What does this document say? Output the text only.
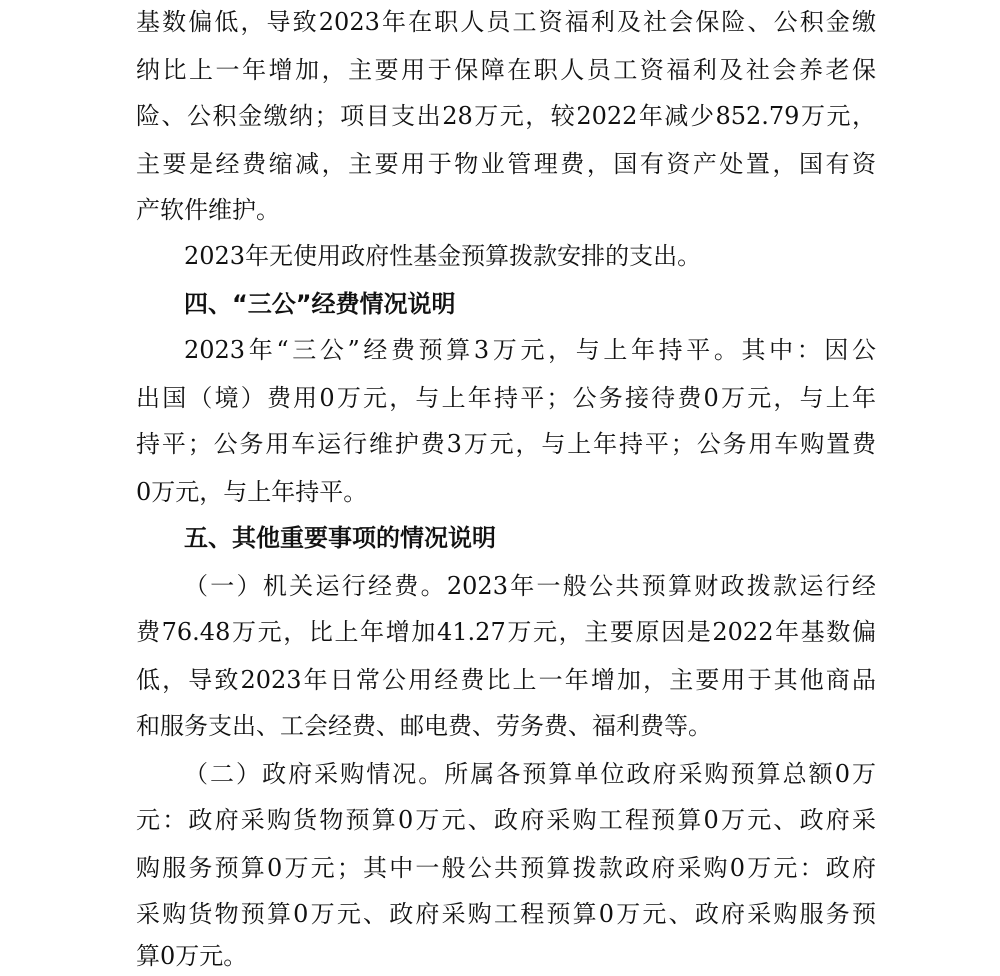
基数偏低，导致2023年在职人员工资福利及社会保险、公积金缴
纳比上一年增加，主要用于保障在职人员工资福利及社会养老保
险、公积金缴纳；项目支出28万元，较2022年减少852.79万元，
主要是经费缩减，主要用于物业管理费，国有资产处置，国有资
产软件维护。
2023年无使用政府性基金预算拨款安排的支出。
四、“三公”经费情况说明
2023年“三公”经费预算3万元，与上年持平。其中：因公
出国（境）费用0万元，与上年持平；公务接待费0万元，与上年
持平；公务用车运行维护费3万元，与上年持平；公务用车购置费
0万元，与上年持平。
五、其他重要事项的情况说明
（一）机关运行经费。2023年一般公共预算财政拨款运行经
费76.48万元，比上年增加41.27万元，主要原因是2022年基数偏
低，导致2023年日常公用经费比上一年增加，主要用于其他商品
和服务支出、工会经费、邮电费、劳务费、福利费等。
（二）政府采购情况。所属各预算单位政府采购预算总额0万
元：政府采购货物预算0万元、政府采购工程预算0万元、政府采
购服务预算0万元；其中一般公共预算拨款政府采购0万元：政府
采购货物预算0万元、政府采购工程预算0万元、政府采购服务预
算0万元。
